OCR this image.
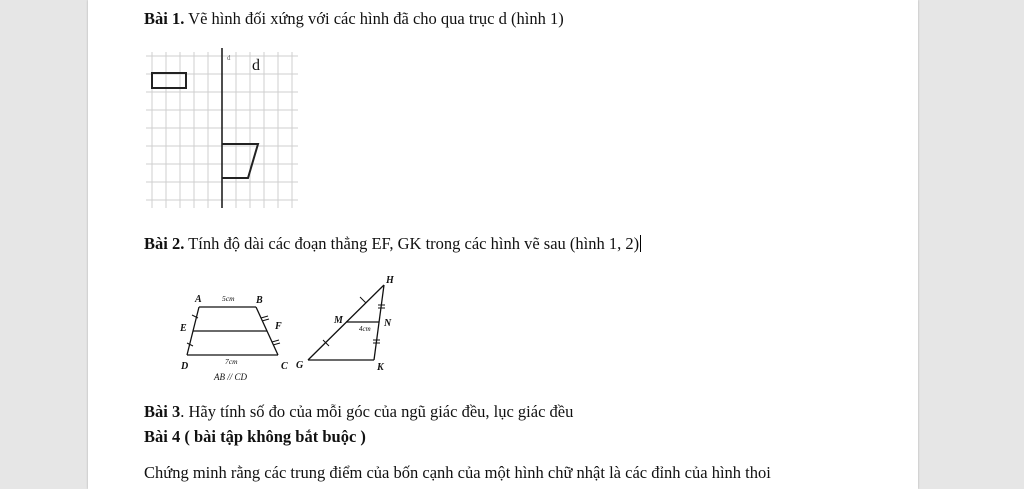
Bài 1. Vẽ hình đối xứng với các hình đã cho qua trục d (hình 1)
d d
Bài 2. Tính độ dài các đoạn thẳng EF, GK trong các hình vẽ sau (hình 1, 2)
A	B
C
D
E	F
5cm
7cm
AB // CD
H
M	N
G	K
4cm
Bài 3. Hãy tính số đo của mỗi góc của ngũ giác đều, lục giác đều
Bài 4 ( bài tập không bắt buộc )
Chứng minh rằng các trung điểm của bốn cạnh của một hình chữ nhật là các đỉnh của hình thoi
